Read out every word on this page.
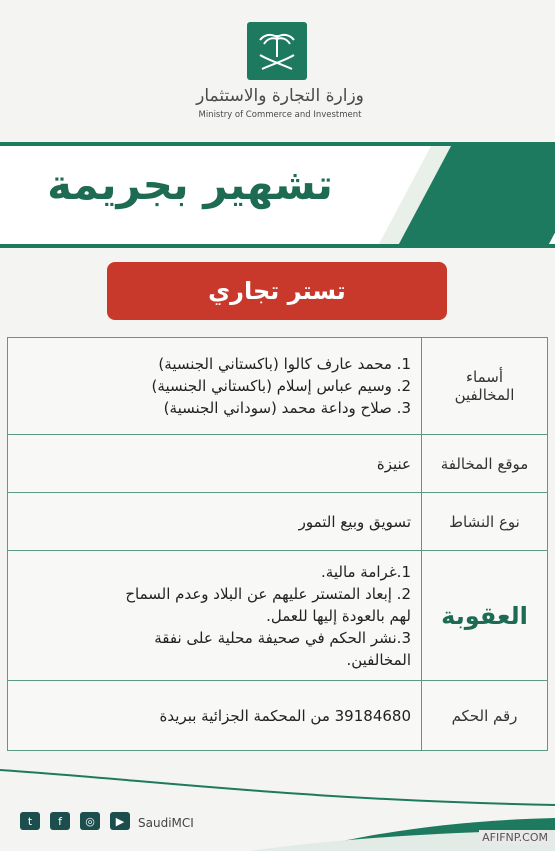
وزارة التجارة والاستثمار
Ministry of Commerce and Investment
تشهير بجريمة
تستر تجاري
أسماء
المخالفين	1. محمد عارف كالوا (باكستاني الجنسية)
2. وسيم عباس إسلام (باكستاني الجنسية)
3. صلاح وداعة محمد (سوداني الجنسية)

موقع المخالفة	عنيزة
نوع النشاط	تسويق وبيع التمور
العقوبة	1.غرامة مالية.
2. إبعاد المتستر عليهم عن البلاد وعدم السماح
لهم بالعودة إليها للعمل.
3.نشر الحكم في صحيفة محلية على نفقة
المخالفين.

رقم الحكم	39184680 من المحكمة الجزائية ببريدة
t	f	◎	▶	SaudiMCI
AFIFNP.COM
